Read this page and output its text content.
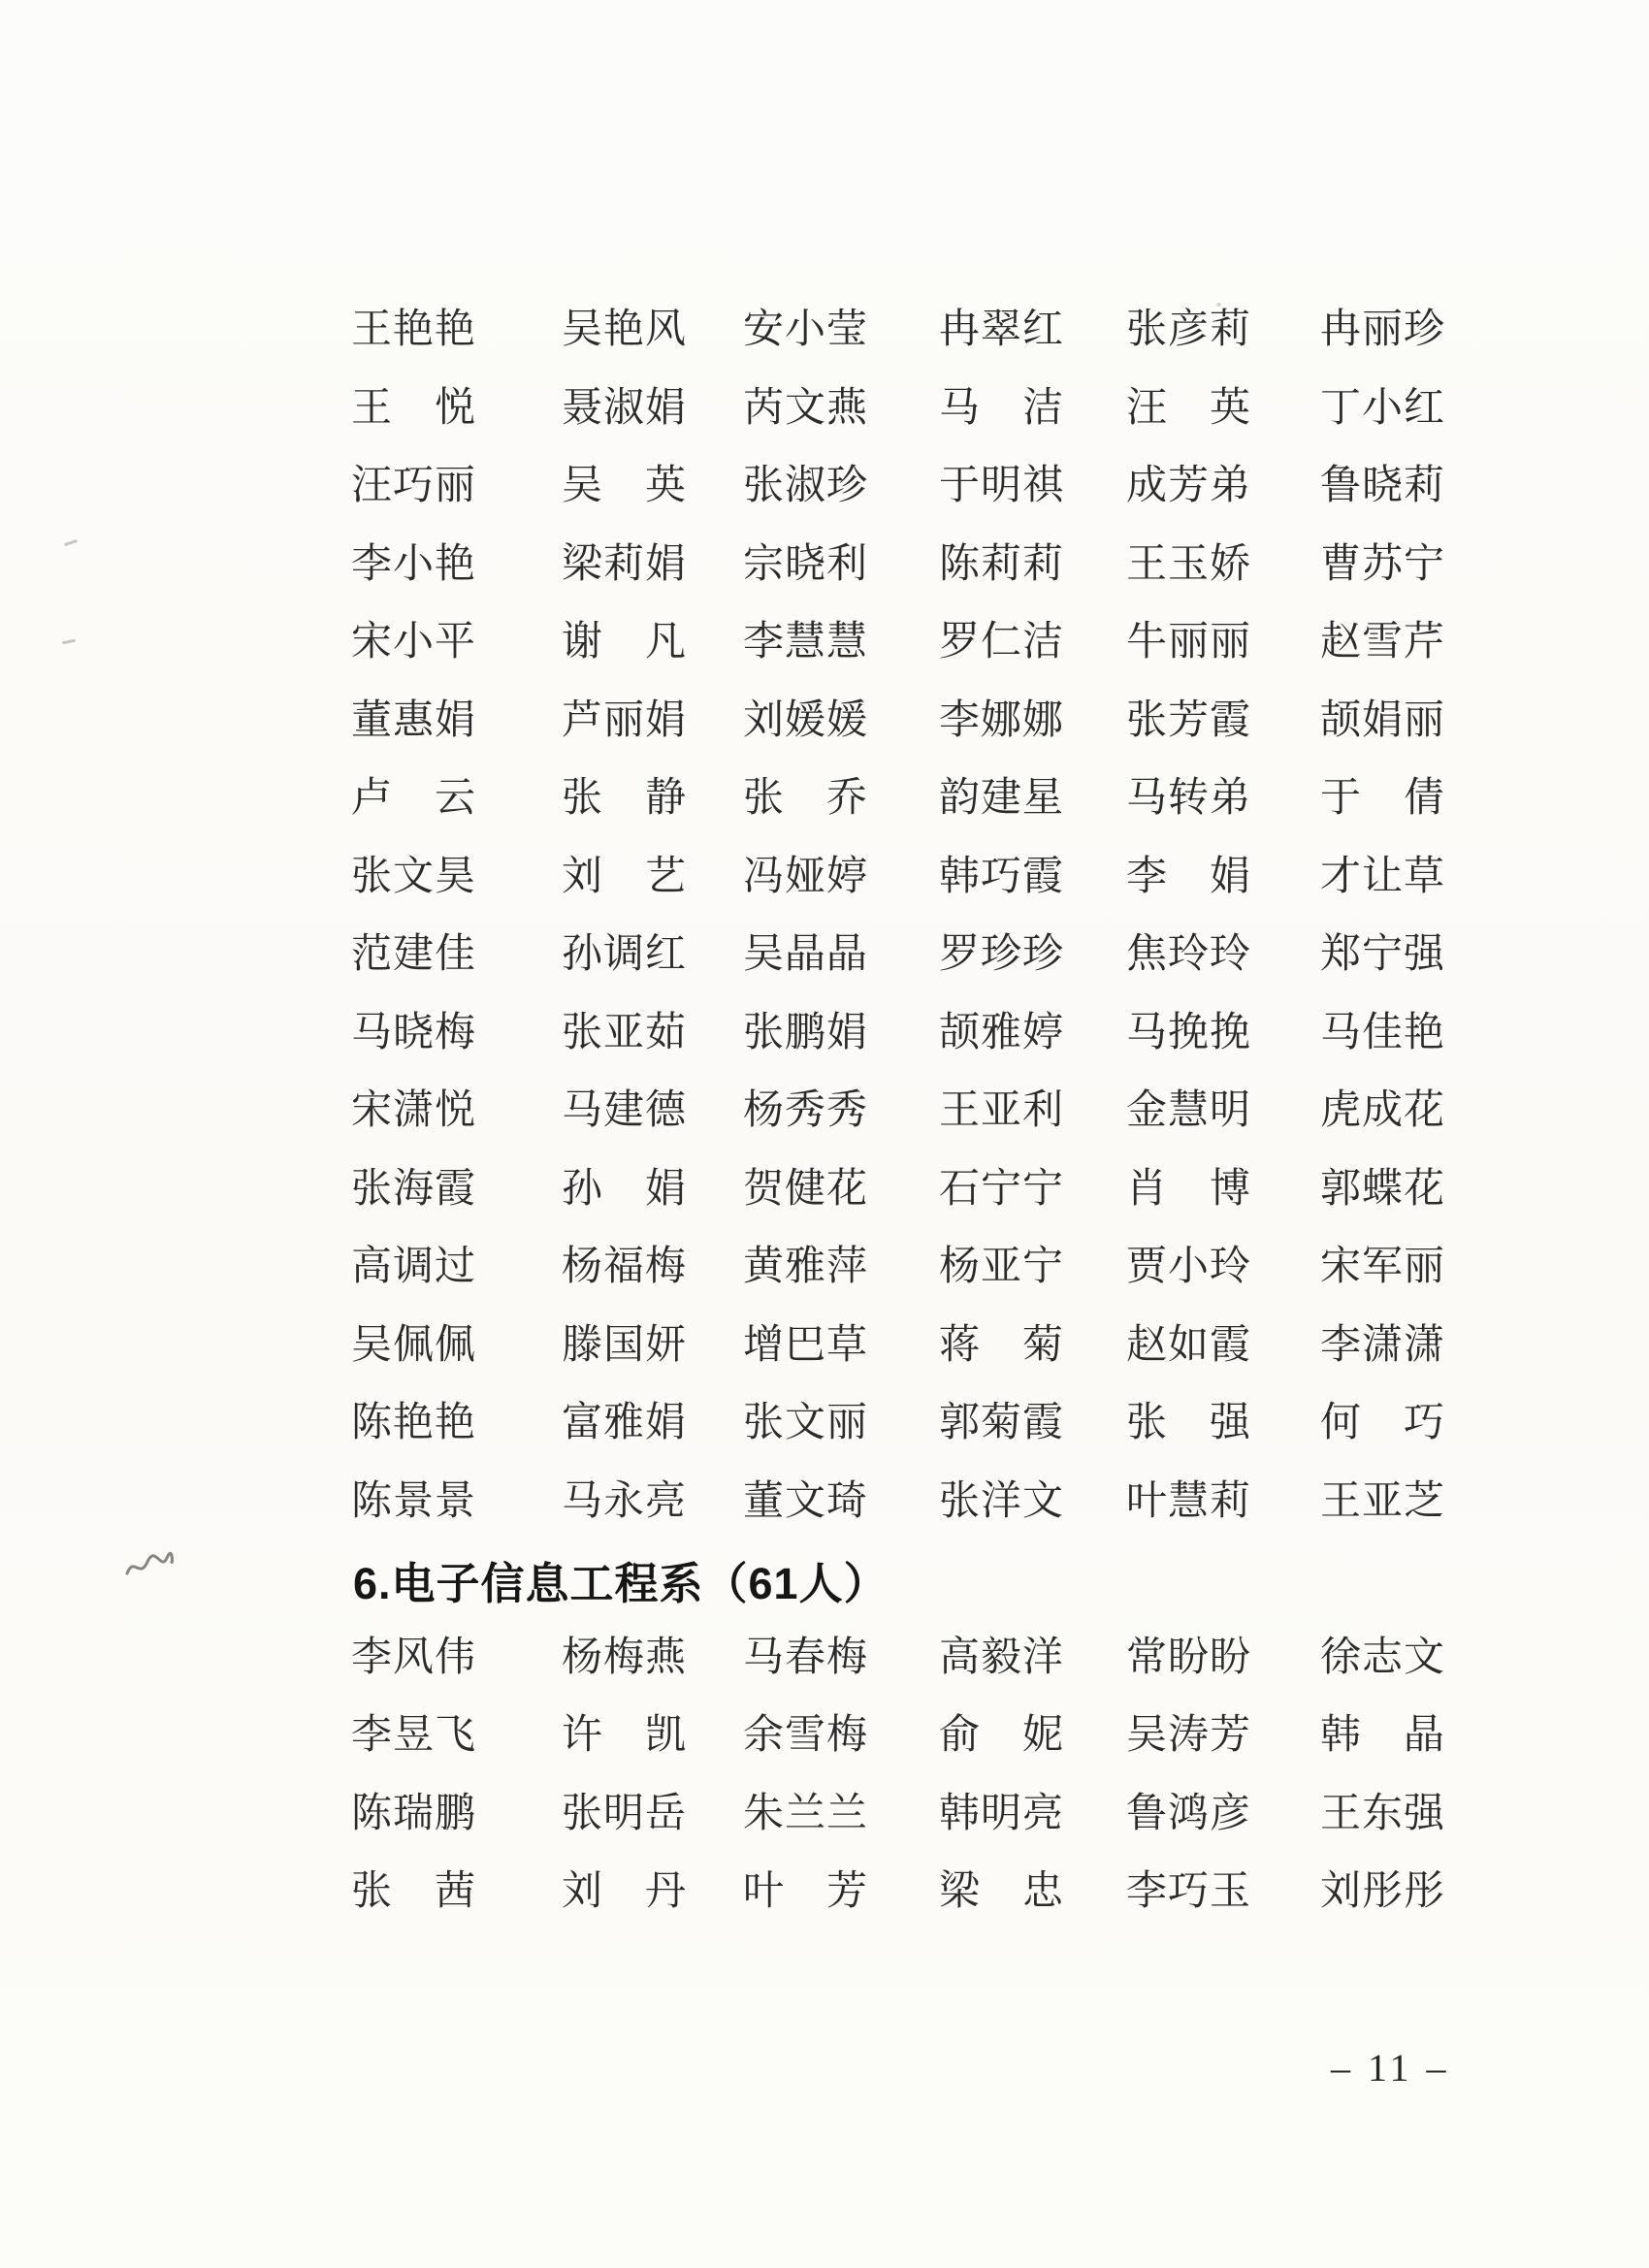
王艳艳 吴艳风 安小莹 冉翠红 张彦莉 冉丽珍
王悦 聂淑娟 芮文燕 马洁 汪英 丁小红
汪巧丽 吴英 张淑珍 于明祺 成芳弟 鲁晓莉
李小艳 梁莉娟 宗晓利 陈莉莉 王玉娇 曹苏宁
宋小平 谢凡 李慧慧 罗仁洁 牛丽丽 赵雪芹
董惠娟 芦丽娟 刘媛媛 李娜娜 张芳霞 颉娟丽
卢云 张静 张乔 韵建星 马转弟 于倩
张文昊 刘艺 冯娅婷 韩巧霞 李娟 才让草
范建佳 孙调红 吴晶晶 罗珍珍 焦玲玲 郑宁强
马晓梅 张亚茹 张鹏娟 颉雅婷 马挽挽 马佳艳
宋潇悦 马建德 杨秀秀 王亚利 金慧明 虎成花
张海霞 孙娟 贺健花 石宁宁 肖博 郭蝶花
高调过 杨福梅 黄雅萍 杨亚宁 贾小玲 宋军丽
吴佩佩 滕国妍 增巴草 蒋菊 赵如霞 李潇潇
陈艳艳 富雅娟 张文丽 郭菊霞 张强 何巧
陈景景 马永亮 董文琦 张洋文 叶慧莉 王亚芝
6.电子信息工程系（61人）
李风伟 杨梅燕 马春梅 高毅洋 常盼盼 徐志文
李昱飞 许凯 余雪梅 俞妮 吴涛芳 韩晶
陈瑞鹏 张明岳 朱兰兰 韩明亮 鲁鸿彦 王东强
张茜 刘丹 叶芳 梁忠 李巧玉 刘彤彤
– 11 –
